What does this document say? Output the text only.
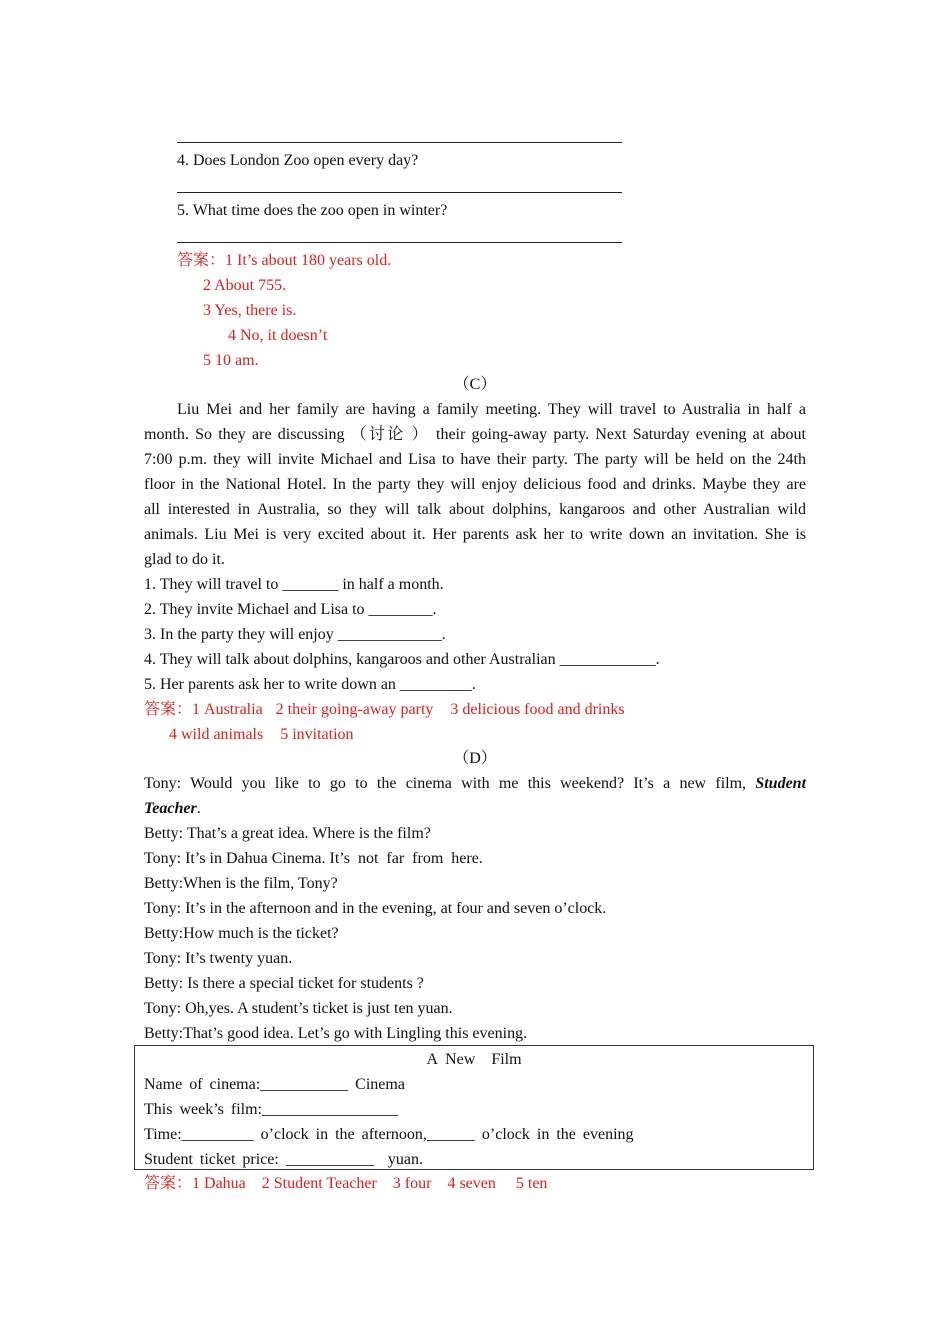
4. Does London Zoo open every day?
5. What time does the zoo open in winter?
答案：1 It’s about 180 years old.
2 About 755.
3 Yes, there is.
4 No, it doesn’t
5 10 am.
（C）
Liu Mei and her family are having a family meeting. They will travel to Australia in half a
month. So they are discussing （讨论 ） their going-away party. Next Saturday evening at about
7:00 p.m. they will invite Michael and Lisa to have their party. The party will be held on the 24th
floor in the National Hotel. In the party they will enjoy delicious food and drinks. Maybe they are
all interested in Australia, so they will talk about dolphins, kangaroos and other Australian wild
animals. Liu Mei is very excited about it. Her parents ask her to write down an invitation. She is
glad to do it.
1. They will travel to _______ in half a month.
2. They invite Michael and Lisa to ________.
3. In the party they will enjoy _____________.
4. They will talk about dolphins, kangaroos and other Australian ____________.
5. Her parents ask her to write down an _________.
答案：1 Australia 2 their going-away party 3 delicious food and drinks
4 wild animals 5 invitation
（D）
Tony: Would you like to go to the cinema with me this weekend? It’s a new film, Student
Teacher.
Betty: That’s a great idea. Where is the film?
Tony: It’s in Dahua Cinema. It’s  not  far  from  here.
Betty:When is the film, Tony?
Tony: It’s in the afternoon and in the evening, at four and seven o’clock.
Betty:How much is the ticket?
Tony: It’s twenty yuan.
Betty: Is there a special ticket for students ?
Tony: Oh,yes. A student’s ticket is just ten yuan.
Betty:That’s good idea. Let’s go with Lingling this evening.
A New  Film
Name of cinema:___________ Cinema
This week’s film:_________________
Time:_________ o’clock in the afternoon,______ o’clock in the evening
Student ticket price: ___________  yuan.
答案：1 Dahua 2 Student Teacher 3 four 4 seven 5 ten
